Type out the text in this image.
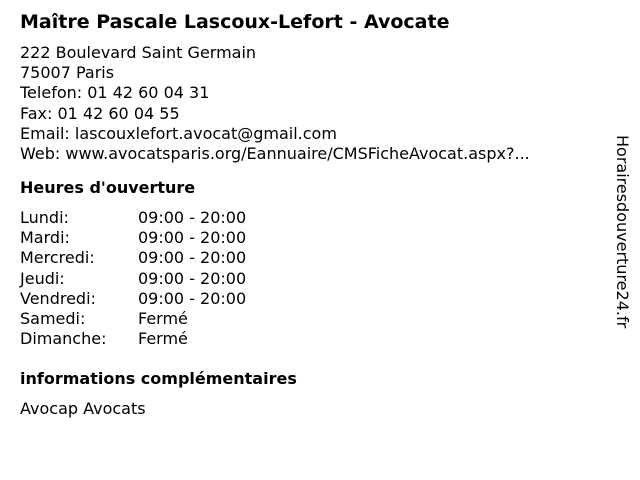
Maître Pascale Lascoux-Lefort - Avocate
222 Boulevard Saint Germain
75007 Paris
Telefon: 01 42 60 04 31
Fax: 01 42 60 04 55
Email: lascouxlefort.avocat@gmail.com
Web: www.avocatsparis.org/Eannuaire/CMSFicheAvocat.aspx?...
Heures d'ouverture
Lundi:	09:00 - 20:00
Mardi:	09:00 - 20:00
Mercredi:	09:00 - 20:00
Jeudi:	09:00 - 20:00
Vendredi:	09:00 - 20:00
Samedi:	Fermé
Dimanche: Fermé
informations complémentaires
Avocap Avocats
Horairesdouverture24.fr
